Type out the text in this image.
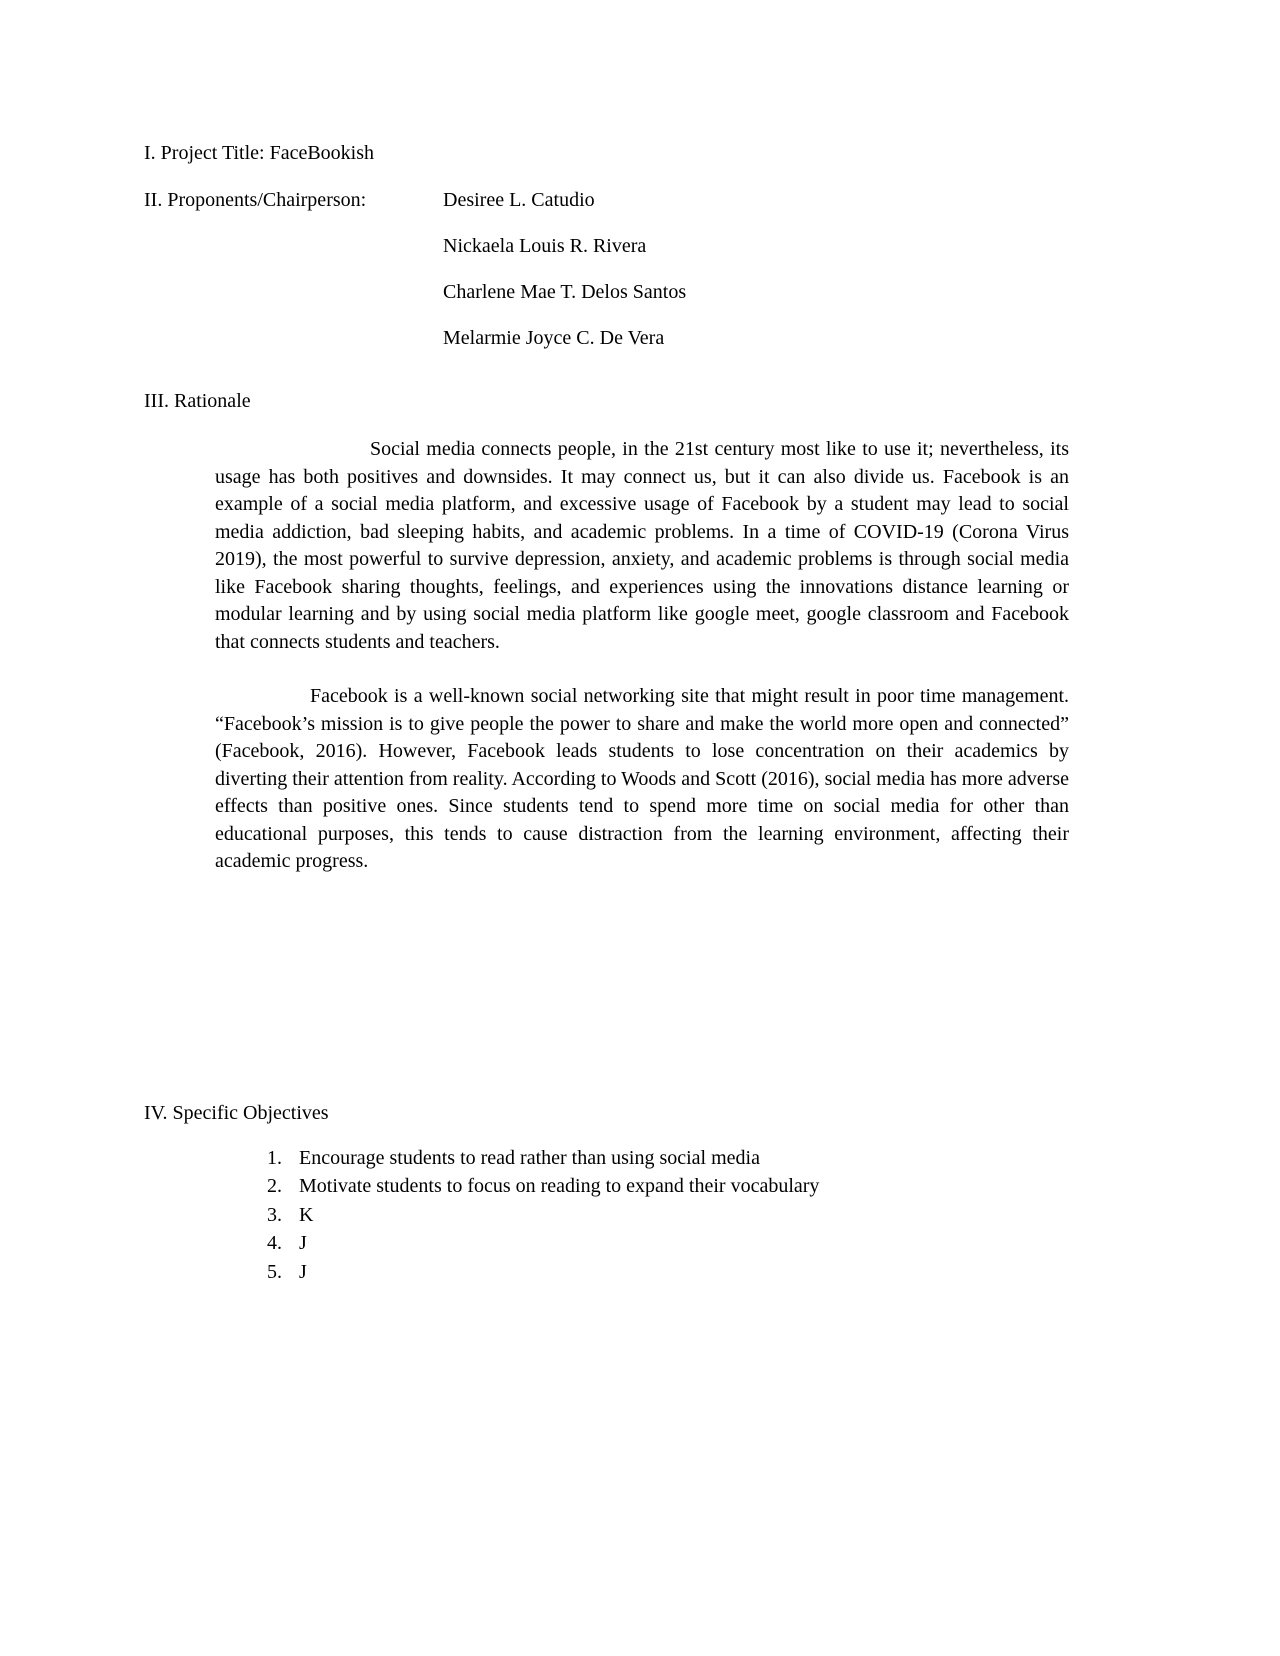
I. Project Title: FaceBookish

II. Proponents/Chairperson:	Desiree L. Catudio

Nickaela Louis R. Rivera

Charlene Mae T. Delos Santos

Melarmie Joyce C. De Vera

III. Rationale

Social media connects people, in the 21st century most like to use it; nevertheless, its usage has both positives and downsides. It may connect us, but it can also divide us. Facebook is an example of a social media platform, and excessive usage of Facebook by a student may lead to social media addiction, bad sleeping habits, and academic problems. In a time of COVID-19 (Corona Virus 2019), the most powerful to survive depression, anxiety, and academic problems is through social media like Facebook sharing thoughts, feelings, and experiences using the innovations distance learning or modular learning and by using social media platform like google meet, google classroom and Facebook that connects students and teachers.

Facebook is a well-known social networking site that might result in poor time management. “Facebook’s mission is to give people the power to share and make the world more open and connected” (Facebook, 2016). However, Facebook leads students to lose concentration on their academics by diverting their attention from reality. According to Woods and Scott (2016), social media has more adverse effects than positive ones. Since students tend to spend more time on social media for other than educational purposes, this tends to cause distraction from the learning environment, affecting their academic progress.

IV. Specific Objectives

1. Encourage students to read rather than using social media
2. Motivate students to focus on reading to expand their vocabulary
3. K
4. J
5. J
